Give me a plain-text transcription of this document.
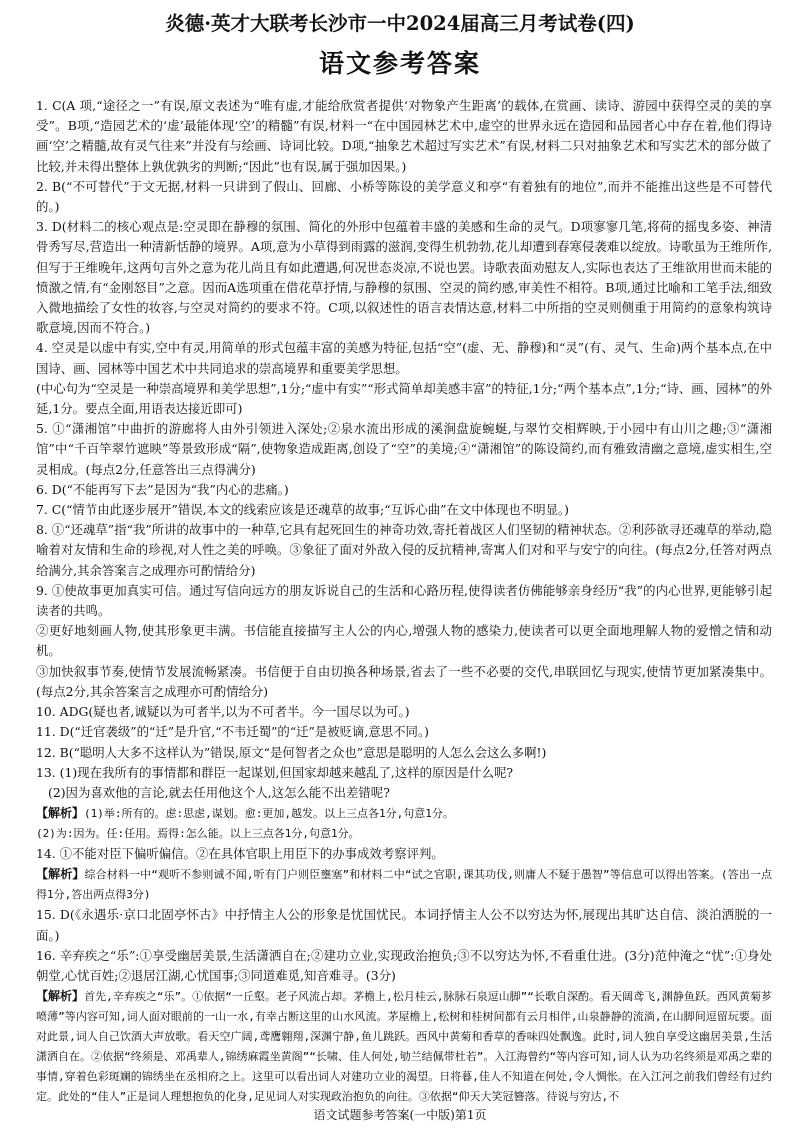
炎德·英才大联考长沙市一中2024届高三月考试卷(四)
语文参考答案

1. C(A 项,“途径之一”有误,原文表述为“唯有虚,才能给欣赏者提供‘对物象产生距离’的载体,在赏画、读诗、游园中获得空灵的美的享受”。B项,“造园艺术的‘虚’最能体现‘空’的精髓”有误,材料一“在中国园林艺术中,虚空的世界永远在造园和品园者心中存在着,他们得诗画‘空’之精髓,故有灵气往来”并没有与绘画、诗词比较。D项,“抽象艺术超过写实艺术”有误,材料二只对抽象艺术和写实艺术的部分做了比较,并未得出整体上孰优孰劣的判断;“因此”也有误,属于强加因果。)

2. B(“不可替代”于文无据,材料一只讲到了假山、回廊、小桥等陈设的美学意义和亭“有着独有的地位”,而并不能推出这些是不可替代的。)

3. D(材料二的核心观点是:空灵即在静穆的氛围、简化的外形中包蕴着丰盛的美感和生命的灵气。D项寥寥几笔,将荷的摇曳多姿、神清骨秀写尽,营造出一种清新恬静的境界。A项,意为小草得到雨露的滋润,变得生机勃勃,花儿却遭到春寒侵袭难以绽放。诗歌虽为王维所作,但写于王维晚年,这两句言外之意为花儿尚且有如此遭遇,何况世态炎凉,不说也罢。诗歌表面劝慰友人,实际也表达了王维欲用世而未能的愤激之情,有“金刚怒目”之意。因而A选项重在借花草抒情,与静穆的氛围、空灵的简约感,审美性不相符。B项,通过比喻和工笔手法,细致入微地描绘了女性的妆容,与空灵对简约的要求不符。C项,以叙述性的语言表情达意,材料二中所指的空灵则侧重于用简约的意象构筑诗歌意境,因而不符合。)

4. 空灵是以虚中有实,空中有灵,用简单的形式包蕴丰富的美感为特征,包括“空”(虚、无、静穆)和“灵”(有、灵气、生命)两个基本点,在中国诗、画、园林等中国艺术中共同追求的崇高境界和重要美学思想。

(中心句为“空灵是一种崇高境界和美学思想”,1分;“虚中有实”“形式简单却美感丰富”的特征,1分;“两个基本点”,1分;“诗、画、园林”的外延,1分。要点全面,用语表达接近即可)

5. ①“潇湘馆”中曲折的游廊将人由外引领进入深处;②泉水流出形成的溪涧盘旋蜿蜒,与翠竹交相辉映,于小园中有山川之趣;③“潇湘馆”中“千百竿翠竹遮映”等景致形成“隔”,使物象造成距离,创设了“空”的美境;④“潇湘馆”的陈设简约,而有雅致清幽之意境,虚实相生,空灵相成。(每点2分,任意答出三点得满分)

6. D(“不能再写下去”是因为“我”内心的悲痛。)

7. C(“情节由此逐步展开”错误,本文的线索应该是还魂草的故事;“互诉心曲”在文中体现也不明显。)

8. ①“还魂草”指“我”所讲的故事中的一种草,它具有起死回生的神奇功效,寄托着战区人们坚韧的精神状态。②利莎欲寻还魂草的举动,隐喻着对友情和生命的珍视,对人性之美的呼唤。③象征了面对外敌入侵的反抗精神,寄寓人们对和平与安宁的向往。(每点2分,任答对两点给满分,其余答案言之成理亦可酌情给分)

9. ①使故事更加真实可信。通过写信向远方的朋友诉说自己的生活和心路历程,使得读者仿佛能够亲身经历“我”的内心世界,更能够引起读者的共鸣。

②更好地刻画人物,使其形象更丰满。书信能直接描写主人公的内心,增强人物的感染力,使读者可以更全面地理解人物的爱憎之情和动机。

③加快叙事节奏,使情节发展流畅紧凑。书信便于自由切换各种场景,省去了一些不必要的交代,串联回忆与现实,使情节更加紧凑集中。(每点2分,其余答案言之成理亦可酌情给分)

10. ADG(疑也者,诚疑以为可者半,以为不可者半。今一国尽以为可。)

11. D(“迁官袭级”的“迁”是升官,“不韦迁蜀”的“迁”是被贬谪,意思不同。)

12. B(“聪明人大多不这样认为”错误,原文“是何智者之众也”意思是聪明的人怎么会这么多啊!)

13. (1)现在我所有的事情都和群臣一起谋划,但国家却越来越乱了,这样的原因是什么呢?

(2)因为喜欢他的言论,就去任用他这个人,这怎么能不出差错呢?

【解析】(1)举:所有的。虑:思虑,谋划。愈:更加,越发。以上三点各1分,句意1分。

(2)为:因为。任:任用。焉得:怎么能。以上三点各1分,句意1分。

14. ①不能对臣下偏听偏信。②在具体官职上用臣下的办事成效考察评判。

【解析】综合材料一中“观听不参则诚不闻,听有门户则臣壅塞”和材料二中“试之官职,课其功伐,则庸人不疑于愚智”等信息可以得出答案。(答出一点得1分,答出两点得3分)

15. D(《永遇乐·京口北固亭怀古》中抒情主人公的形象是忧国忧民。本词抒情主人公不以穷达为怀,展现出其旷达自信、淡泊洒脱的一面。)

16. 辛弃疾之“乐”:①享受幽居美景,生活潇洒自在;②建功立业,实现政治抱负;③不以穷达为怀,不看重仕进。(3分)范仲淹之“忧”:①身处朝堂,心忧百姓;②退居江湖,心忧国事;③同道难觅,知音难寻。(3分)

【解析】首先,辛弃疾之“乐”。①依据“一丘壑。老子风流占却。茅檐上,松月桂云,脉脉石泉逗山脚”“长歌自深酌。看天阔鸢飞,渊静鱼跃。西风黄菊芗喷薄”等内容可知,词人面对眼前的一山一水,有幸占断这里的山水风流。茅屋檐上,松树和桂树间都有云月相伴,山泉静静的流淌,在山脚间逗留玩要。面对此景,词人自己饮酒大声放歌。看天空广阔,鸢鹰翱翔,深渊宁静,鱼儿跳跃。西风中黄菊和香草的香味四处飘逸。此时,词人独自享受这幽居美景,生活潇洒自在。②依据“终须是、邓禹辈人,锦绣麻霞坐黄阁”“长啸、佳人何处,劬兰结佩带杜若”。入江海曾约“等内容可知,词人认为功名终须是邓禹之辈的事情,穿着色彩斑斓的锦绣坐在丞相府之上。这里可以看出词人对建功立业的渴望。日将暮,佳人不知道在何处,令人惆怅。在入江河之前我们曾经有过约定。此处的“佳人”正是词人理想抱负的化身,足见词人对实现政治抱负的向往。③依据“仰天大笑冠簪落。待说与穷达,不

语文试题参考答案(一中版)第1页
